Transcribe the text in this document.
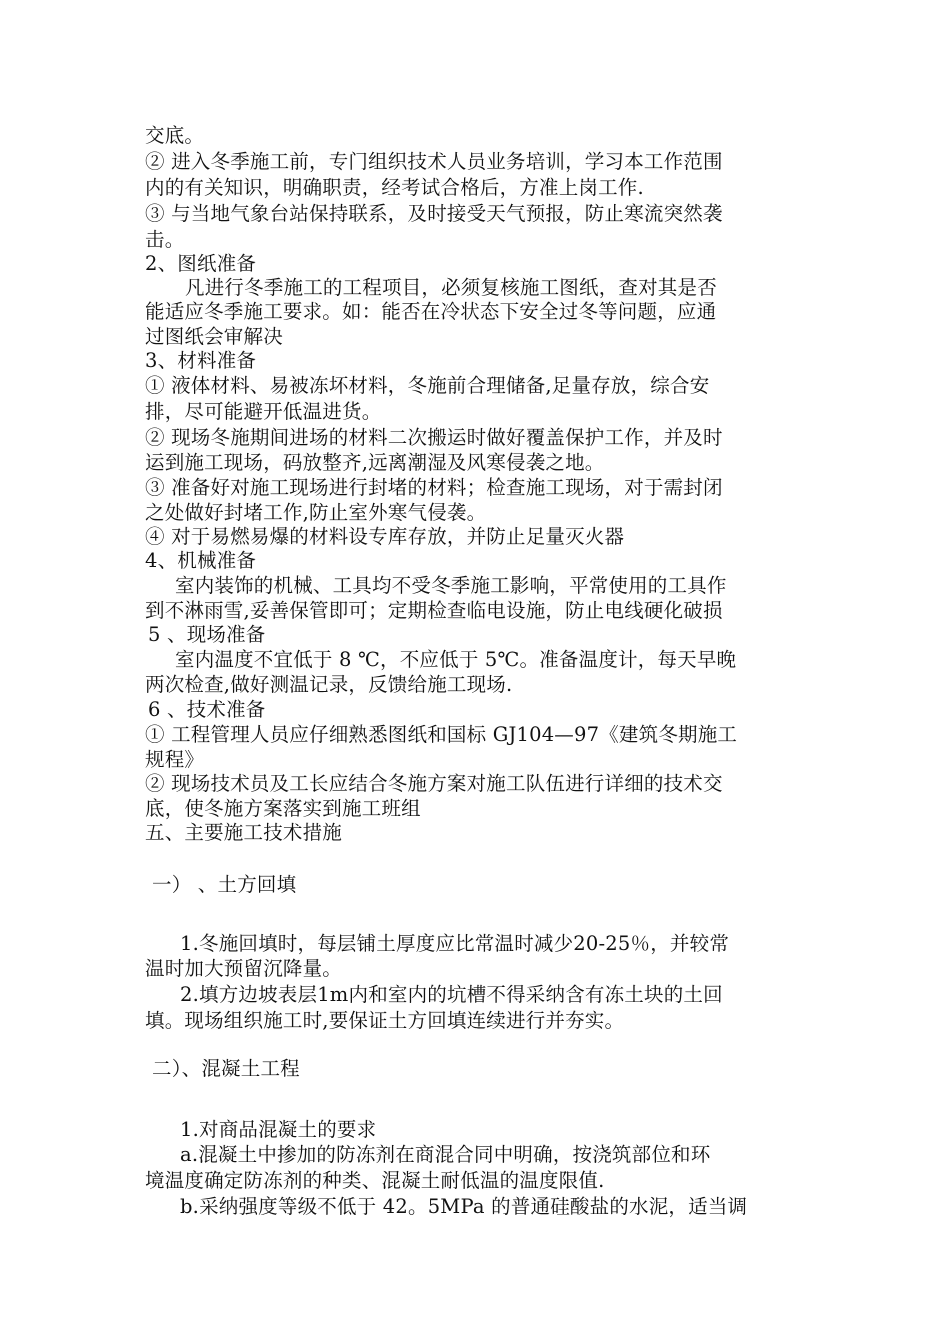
交底。

② 进入冬季施工前，专门组织技术人员业务培训，学习本工作范围

内的有关知识，明确职责，经考试合格后，方准上岗工作.

③ 与当地气象台站保持联系，及时接受天气预报，防止寒流突然袭

击。

2、图纸准备

凡进行冬季施工的工程项目，必须复核施工图纸，查对其是否

能适应冬季施工要求。如：能否在冷状态下安全过冬等问题，应通

过图纸会审解决

3、材料准备

① 液体材料、易被冻坏材料，冬施前合理储备,足量存放，综合安

排，尽可能避开低温进货。

② 现场冬施期间进场的材料二次搬运时做好覆盖保护工作，并及时

运到施工现场，码放整齐,远离潮湿及风寒侵袭之地。

③ 准备好对施工现场进行封堵的材料；检查施工现场，对于需封闭

之处做好封堵工作,防止室外寒气侵袭。

④ 对于易燃易爆的材料设专库存放，并防止足量灭火器

4、机械准备

室内装饰的机械、工具均不受冬季施工影响，平常使用的工具作

到不淋雨雪,妥善保管即可；定期检查临电设施，防止电线硬化破损

5 、现场准备

室内温度不宜低于 8 ℃，不应低于 5℃。准备温度计，每天早晚

两次检查,做好测温记录，反馈给施工现场.

6 、技术准备

① 工程管理人员应仔细熟悉图纸和国标 GJ104—97《建筑冬期施工

规程》

② 现场技术员及工长应结合冬施方案对施工队伍进行详细的技术交

底，使冬施方案落实到施工班组

五、主要施工技术措施

一） 、土方回填

1.冬施回填时，每层铺土厚度应比常温时减少20-25％，并较常

温时加大预留沉降量。

2.填方边坡表层1m内和室内的坑槽不得采纳含有冻土块的土回

填。现场组织施工时,要保证土方回填连续进行并夯实。

二）、混凝土工程

1.对商品混凝土的要求

a.混凝土中掺加的防冻剂在商混合同中明确，按浇筑部位和环

境温度确定防冻剂的种类、混凝土耐低温的温度限值.

b.采纳强度等级不低于 42。5MPa 的普通硅酸盐的水泥，适当调
